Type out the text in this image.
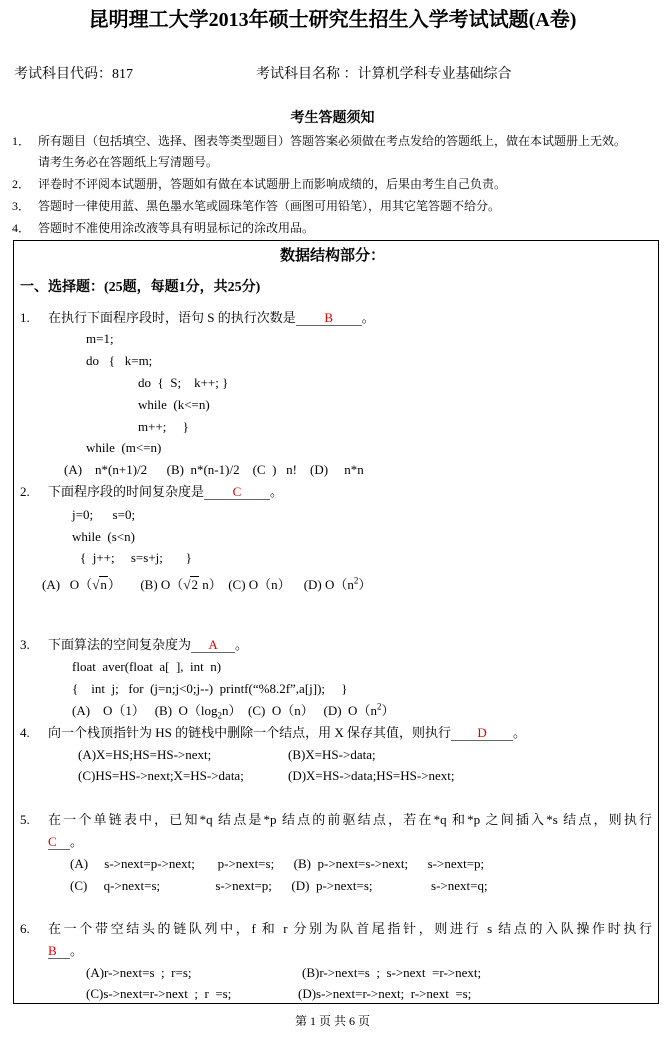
昆明理工大学2013年硕士研究生招生入学考试试题(A卷)
考试科目代码：817	考试科目名称 ：计算机学科专业基础综合
考生答题须知
1． 所有题目（包括填空、选择、图表等类型题目）答题答案必须做在考点发给的答题纸上，做在本试题册上无效。
请考生务必在答题纸上写清题号。
2． 评卷时不评阅本试题册，答题如有做在本试题册上而影响成绩的，后果由考生自己负责。
3． 答题时一律使用蓝、黑色墨水笔或圆珠笔作答（画图可用铅笔），用其它笔答题不给分。
4． 答题时不准使用涂改液等具有明显标记的涂改用品。
数据结构部分：
一、选择题：(25题，每题1分，共25分)
1. 在执行下面程序段时，语句 S 的执行次数是 B 。
m=1;
do   {   k=m;
do  {  S;    k++; }
while  (k<=n)
m++;     }
while  (m<=n)
(A)    n*(n+1)/2      (B)  n*(n-1)/2    (C  )   n!    (D)     n*n
2. 下面程序段的时间复杂度是 C 。
j=0;      s=0;
while  (s<n)
{  j++;     s=s+j;       }
(A) O（√n） (B) O（√2 n） (C) O（n） (D) $O(n^2)$
3. 下面算法的空间复杂度为 A 。
float  aver(float  a[  ],  int  n)
{    int  j;   for  (j=n;j<0;j--)  printf(“%8.2f”,a[j]);     }
(A)    O（1） (B)  $O(\log_2n)$ (C)  O（n） (D)  $O(n^2)$
4. 向一个栈顶指针为 HS 的链栈中删除一个结点，用 X 保存其值，则执行 D 。
(A)X=HS;HS=HS->next;	(B)X=HS->data;
(C)HS=HS->next;X=HS->data;	(D)X=HS->data;HS=HS->next;
5. 在一个单链表中，已知*q 结点是*p 结点的前驱结点，若在*q 和*p 之间插入*s 结点，则执行
C 。
(A)     s->next=p->next;       p->next=s;      (B)  p->next=s->next;      s->next=p;
(C)     q->next=s;                 s->next=p;      (D)  p->next=s;                  s->next=q;
6. 在一个带空结头的链队列中，f 和 r 分别为队首尾指针，则进行 s 结点的入队操作时执行
B 。
(A)r->next=s  ;  r=s;	(B)r->next=s  ;  s->next  =r->next;
(C)s->next=r->next  ;  r  =s;	(D)s->next=r->next;  r->next  =s;
第 1 页 共 6 页
